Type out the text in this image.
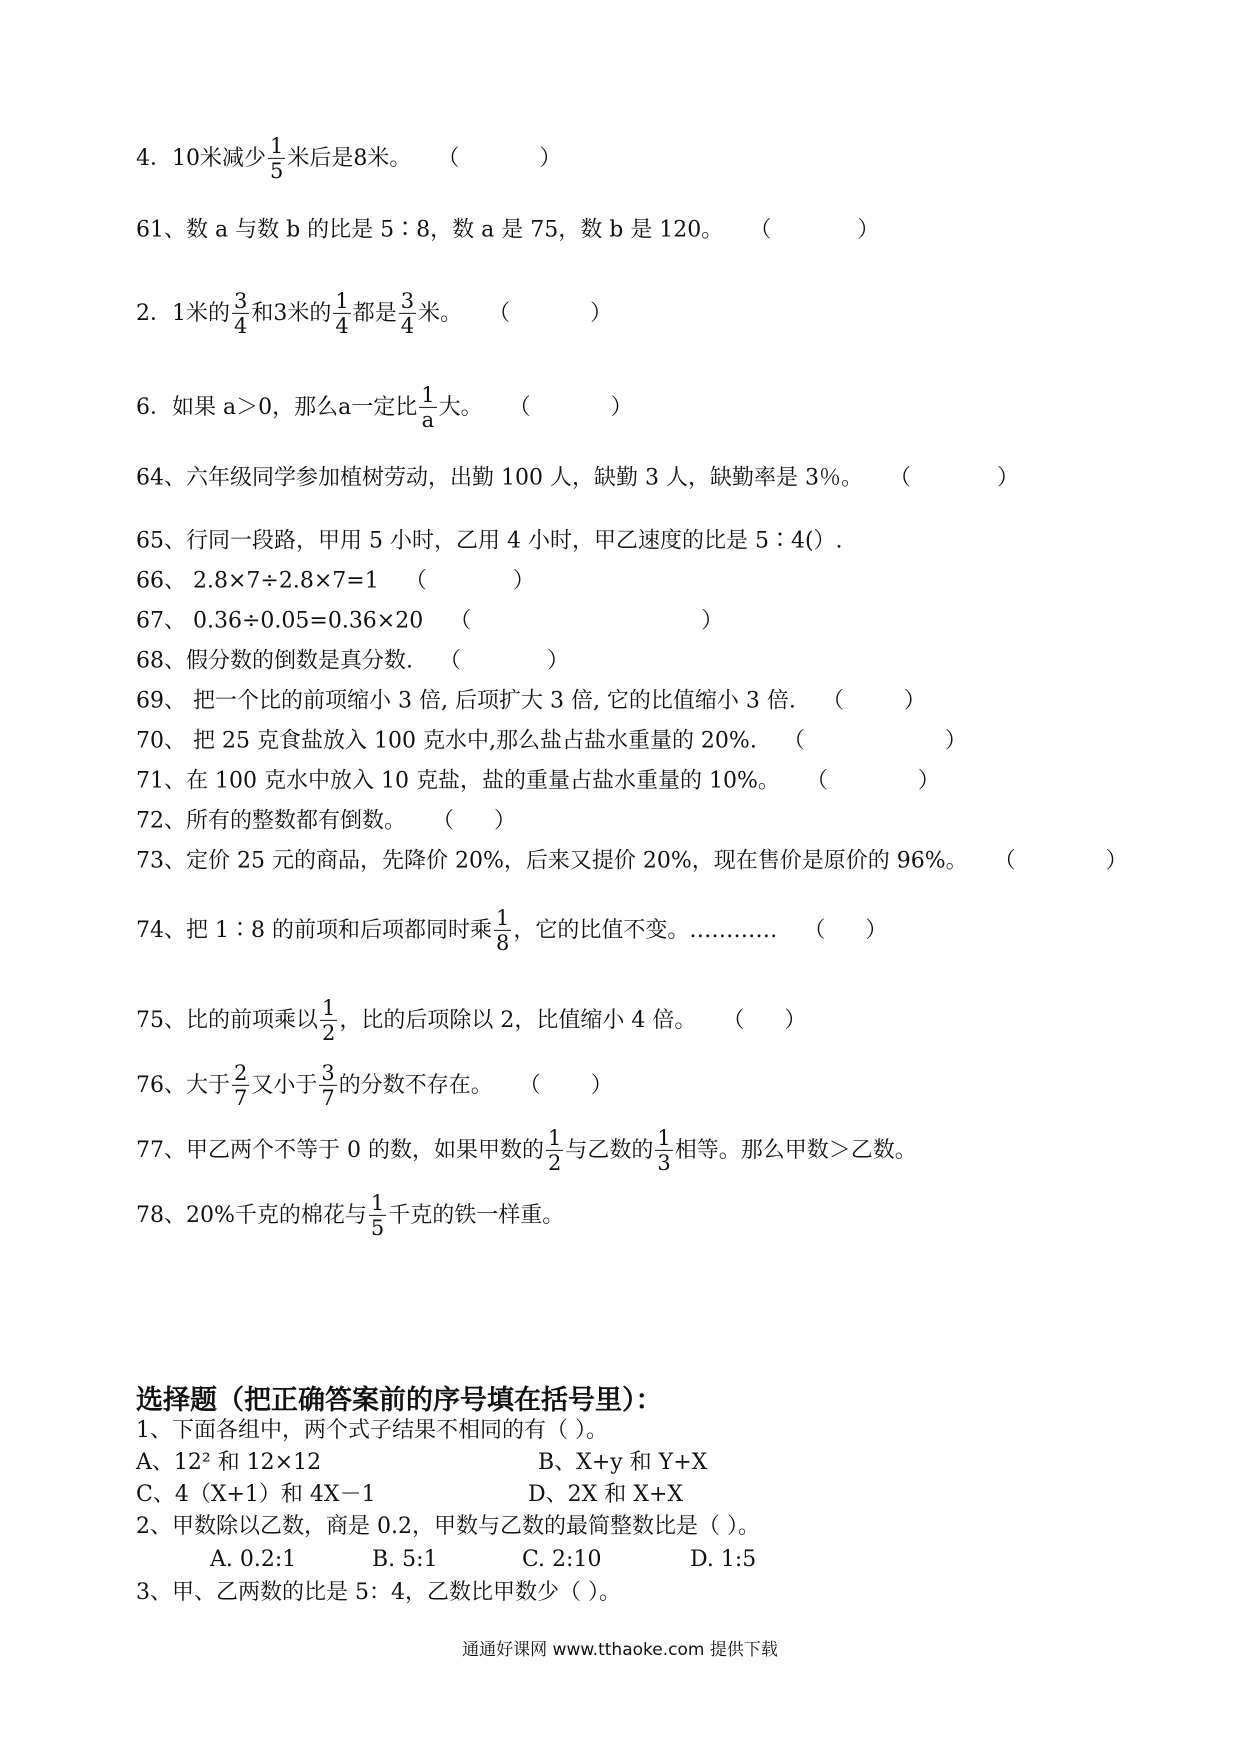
4．10米减少 $\frac{1}{5}$ 米后是8米。 （	）
61、数 a 与数 b 的比是 5∶8，数 a 是 75，数 b 是 120。 （	）
2．1米的 $\frac{3}{4}$ 和3米的 $\frac{1}{4}$ 都是 $\frac{3}{4}$ 米。 （	）
6．如果 a＞0，那么a一定比 $\frac{1}{a}$ 大。 （	）
64、六年级同学参加植树劳动，出勤 100 人，缺勤 3 人，缺勤率是 3％。 （	）
65、行同一段路，甲用 5 小时，乙用 4 小时，甲乙速度的比是 5∶4(）.
66、 2.8×7÷2.8×7=1 （	）
67、 0.36÷0.05=0.36×20 （	）
68、假分数的倒数是真分数. （	）
69、 把一个比的前项缩小 3 倍, 后项扩大 3 倍, 它的比值缩小 3 倍. （	）
70、 把 25 克食盐放入 100 克水中,那么盐占盐水重量的 20%. （	）
71、在 100 克水中放入 10 克盐，盐的重量占盐水重量的 10%。 （	）
72、所有的整数都有倒数。 （ ）
73、定价 25 元的商品，先降价 20%，后来又提价 20%，现在售价是原价的 96%。 （	）
74、把 1∶8 的前项和后项都同时乘 $\frac{1}{8}$ ，它的比值不变。………… （ ）
75、比的前项乘以 $\frac{1}{2}$ ，比的后项除以 2，比值缩小 4 倍。 （ ）
76、大于 $\frac{2}{7}$ 又小于 $\frac{3}{7}$ 的分数不存在。 （ ）
77、甲乙两个不等于 0 的数，如果甲数的 $\frac{1}{2}$ 与乙数的 $\frac{1}{3}$ 相等。那么甲数＞乙数。
78、20%千克的棉花与 $\frac{1}{5}$ 千克的铁一样重。
选择题（把正确答案前的序号填在括号里）：
1、下面各组中，两个式子结果不相同的有（ ）。
A、12² 和 12×12	B、X+y 和 Y+X
C、4（X+1）和 4X－1	D、2X 和 X+X
2、甲数除以乙数，商是 0.2，甲数与乙数的最简整数比是（ ）。
A. 0.2:1	B. 5:1	C. 2:10	D. 1:5
3、甲、乙两数的比是 5：4，乙数比甲数少（ ）。
通通好课网 www.tthaoke.com 提供下载
